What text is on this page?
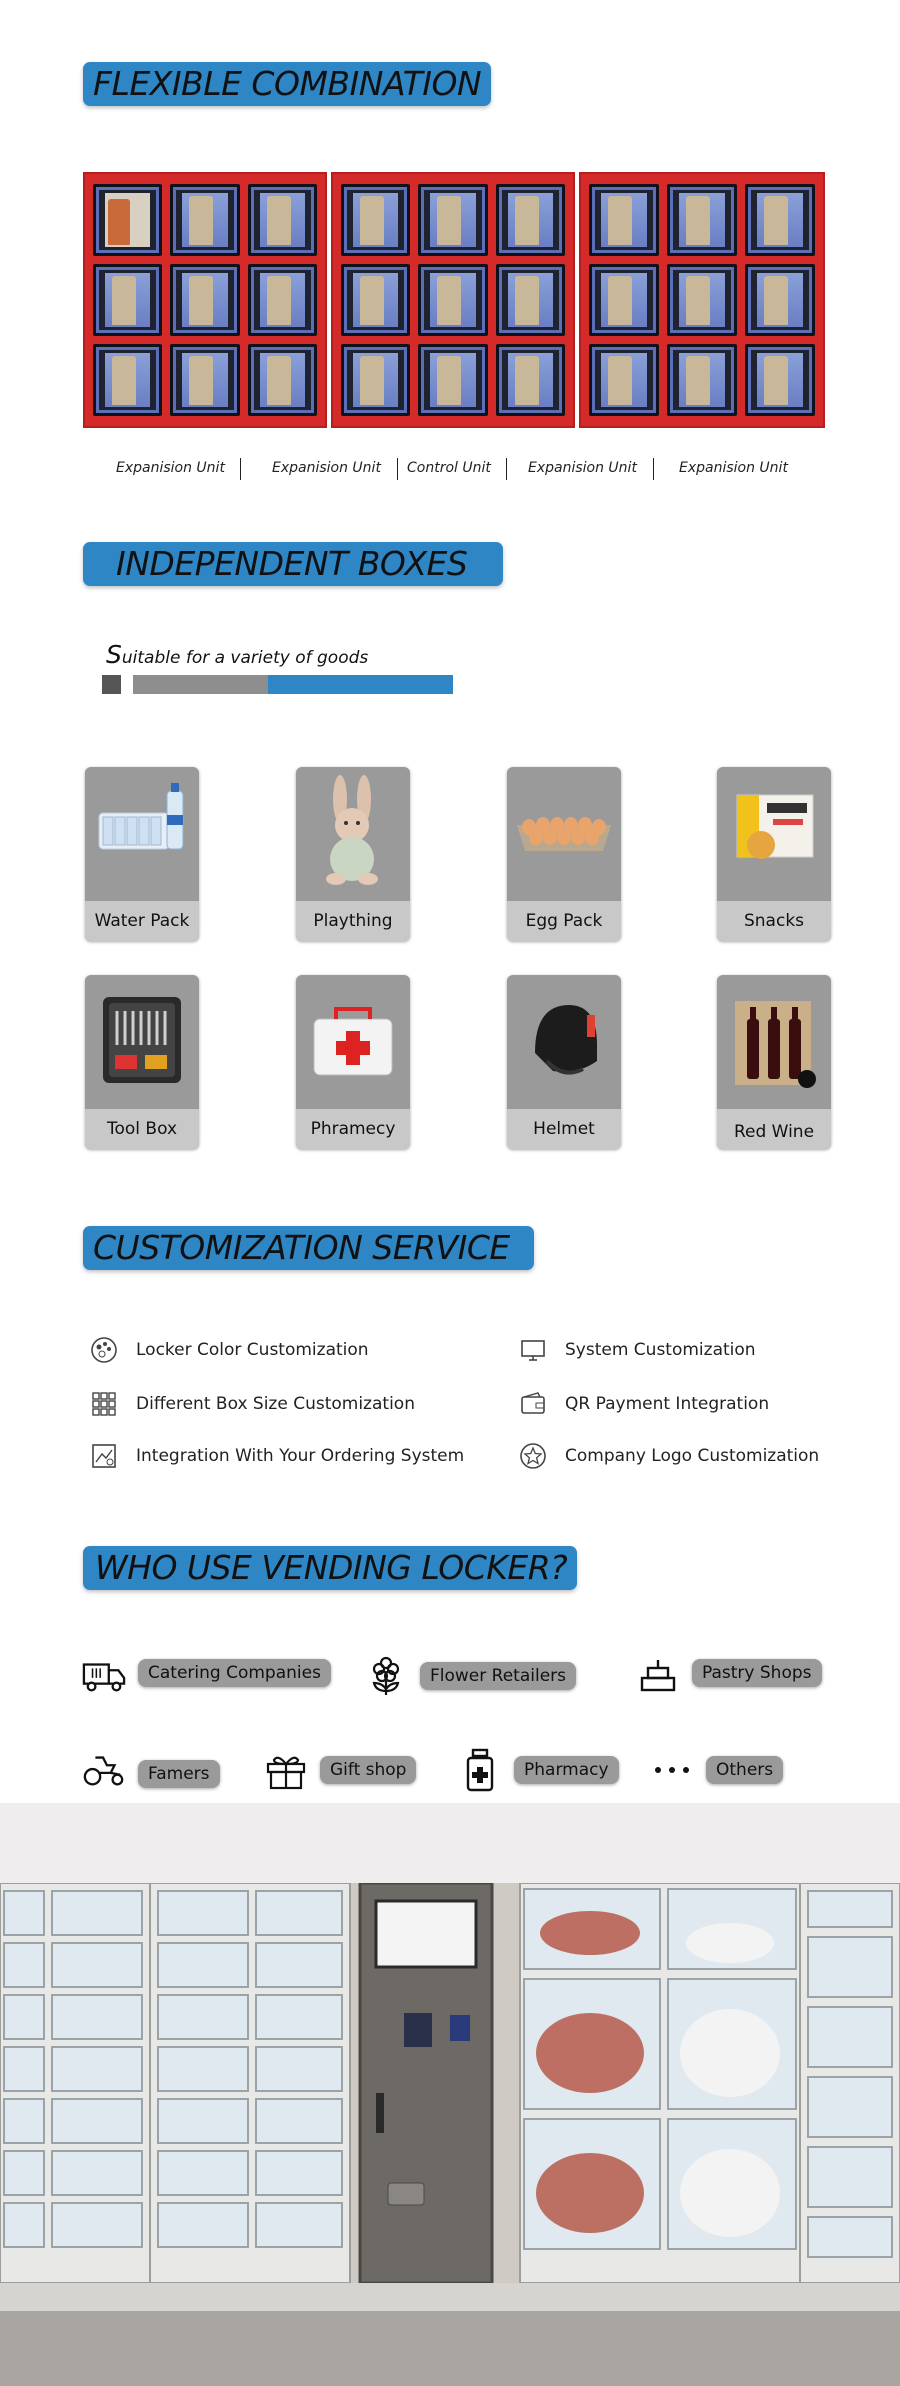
FLEXIBLE COMBINATION
Expanision Unit	Expanision Unit Control Unit	Expanision Unit	Expanision Unit
INDEPENDENT BOXES
Suitable for a variety of goods
Water Pack	Plaything	Egg Pack	Snacks
Tool Box	Phramecy	Helmet	Red Wine
CUSTOMIZATION SERVICE
Locker Color Customization	System Customization
Different Box Size Customization	QR Payment Integration
Integration With Your Ordering System	Company Logo Customization
WHO USE VENDING LOCKER?
Catering Companies	Flower Retailers	Pastry Shops
Famers	Gift shop	Pharmacy	Others
